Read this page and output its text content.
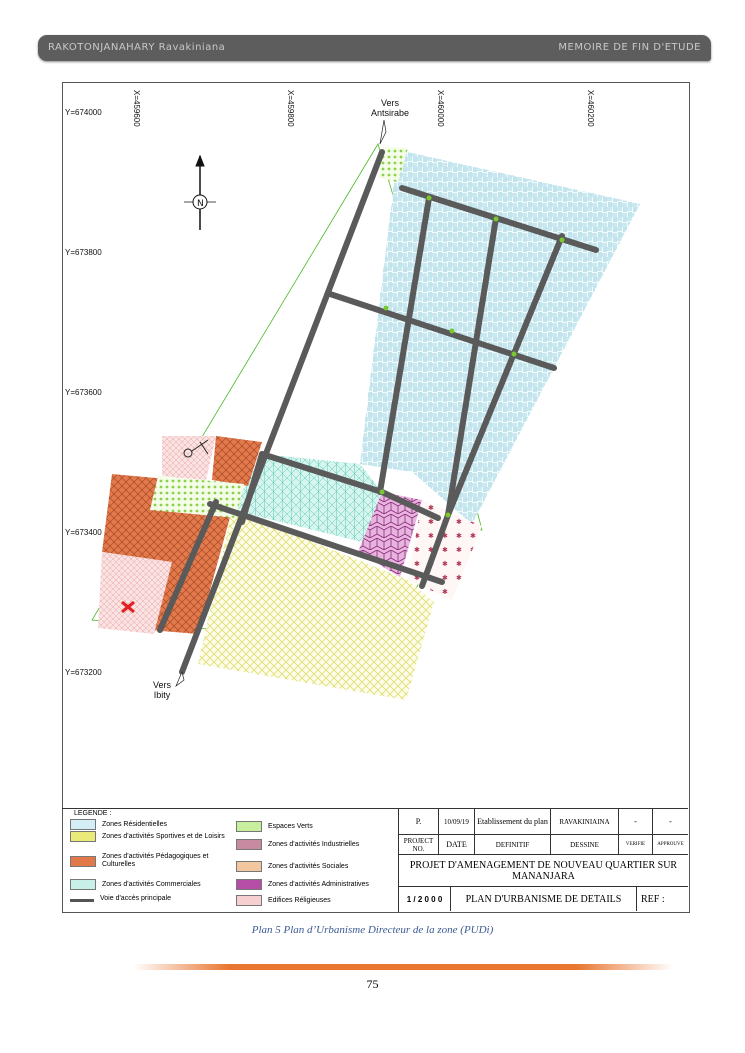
RAKOTONJANAHARY Ravakiniana	MEMOIRE DE FIN D'ETUDE
N
Y=674000
Y=673800
Y=673600
Y=673400
Y=673200
X=459600	X=459800	X=460000	X=460200
Vers
Antsirabe
Vers
Ibity
LEGENDE :
Zones Résidentielles
Zones d'activités Sportives et de Loisirs
Zones d'activités Pédagogiques et Culturelles
Zones d'activités Commerciales
Voie d'accès principale
Espaces Verts
Zones d'activités Industrielles
Zones d'activités Sociales
Zones d'activités Administratives
Edifices Réligieuses
P.	10/09/19	Etablissement du plan	RAVAKINIAINA	-	-
PROJECT NO.	DATE	DEFINITIF	DESSINE	VERIFIE	APPROUVE
PROJET D'AMENAGEMENT DE NOUVEAU QUARTIER SUR MANANJARA
1 / 2 0 0 0	PLAN D'URBANISME DE DETAILS	REF :
Plan 5 Plan d’Urbanisme Directeur de la zone (PUDi)
75
